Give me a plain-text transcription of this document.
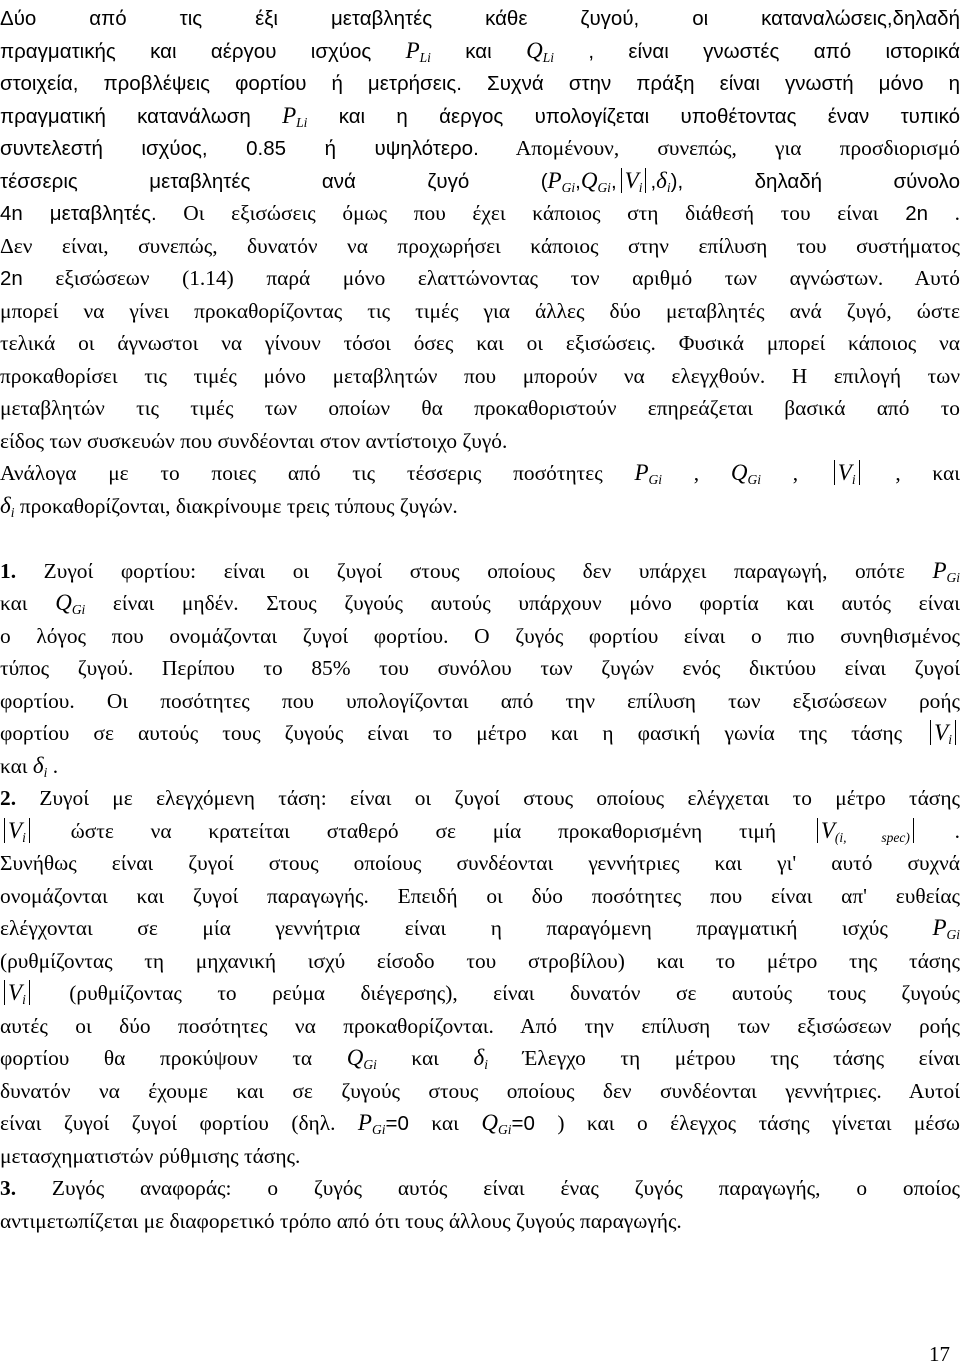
Δύο από τις έξι μεταβλητές κάθε ζυγού, οι καταναλώσεις,δηλαδή
πραγματικής και αέργου ισχύος PLi και QLi , είναι γνωστές από ιστορικά
στοιχεία, προβλέψεις φορτίου ή μετρήσεις. Συχνά στην πράξη είναι γνωστή μόνο η
πραγματική κατανάλωση PLi και η άεργος υπολογίζεται υποθέτοντας έναν τυπικό
συντελεστή ισχύος, 0.85 ή υψηλότερο. Απομένουν, συνεπώς, για προσδιορισμό
τέσσερις μεταβλητές ανά ζυγό (PGi,QGi, Vi ,δi), δηλαδή σύνολο
4n μεταβλητές. Οι εξισώσεις όμως που έχει κάποιος στη διάθεσή του είναι 2n .
Δεν είναι, συνεπώς, δυνατόν να προχωρήσει κάποιος στην επίλυση του συστήματος
2n εξισώσεων (1.14) παρά μόνο ελαττώνοντας τον αριθμό των αγνώστων. Αυτό
μπορεί να γίνει προκαθορίζοντας τις τιμές για άλλες δύο μεταβλητές ανά ζυγό, ώστε
τελικά οι άγνωστοι να γίνουν τόσοι όσες και οι εξισώσεις. Φυσικά μπορεί κάποιος να
προκαθορίσει τις τιμές μόνο μεταβλητών που μπορούν να ελεγχθούν. Η επιλογή των
μεταβλητών τις τιμές των οποίων θα προκαθοριστούν επηρεάζεται βασικά από το
είδος των συσκευών που συνδέονται στον αντίστοιχο ζυγό.
Ανάλογα με το ποιες από τις τέσσερις ποσότητες PGi , QGi , Vi , και
δi προκαθορίζονται, διακρίνουμε τρεις τύπους ζυγών.
1. Ζυγοί φορτίου: είναι οι ζυγοί στους οποίους δεν υπάρχει παραγωγή, οπότε PGi
και QGi είναι μηδέν. Στους ζυγούς αυτούς υπάρχουν μόνο φορτία και αυτός είναι
ο λόγος που ονομάζονται ζυγοί φορτίου. Ο ζυγός φορτίου είναι ο πιο συνηθισμένος
τύπος ζυγού. Περίπου το 85% του συνόλου των ζυγών ενός δικτύου είναι ζυγοί
φορτίου. Οι ποσότητες που υπολογίζονται από την επίλυση των εξισώσεων ροής
φορτίου σε αυτούς τους ζυγούς είναι το μέτρο και η φασική γωνία της τάσης Vi
και δi .
2. Ζυγοί με ελεγχόμενη τάση: είναι οι ζυγοί στους οποίους ελέγχεται το μέτρο τάσης
Vi ώστε να κρατείται σταθερό σε μία προκαθορισμένη τιμή V(i, spec) .
Συνήθως είναι ζυγοί στους οποίους συνδέονται γεννήτριες και γι' αυτό συχνά
ονομάζονται και ζυγοί παραγωγής. Επειδή οι δύο ποσότητες που είναι απ' ευθείας
ελέγχονται σε μία γεννήτρια είναι η παραγόμενη πραγματική ισχύς PGi
(ρυθμίζοντας τη μηχανική ισχύ είσοδο του στροβίλου) και το μέτρο της τάσης
Vi (ρυθμίζοντας το ρεύμα διέγερσης), είναι δυνατόν σε αυτούς τους ζυγούς
αυτές οι δύο ποσότητες να προκαθορίζονται. Από την επίλυση των εξισώσεων ροής
φορτίου θα προκύψουν τα QGi και δi Έλεγχο τη μέτρου της τάσης είναι
δυνατόν να έχουμε και σε ζυγούς στους οποίους δεν συνδέονται γεννήτριες. Αυτοί
είναι ζυγοί ζυγοί φορτίου (δηλ. PGi=0 και QGi=0 ) και ο έλεγχος τάσης γίνεται μέσω
μετασχηματιστών ρύθμισης τάσης.
3. Ζυγός αναφοράς: ο ζυγός αυτός είναι ένας ζυγός παραγωγής, ο οποίος
αντιμετωπίζεται με διαφορετικό τρόπο από ότι τους άλλους ζυγούς παραγωγής.
17
